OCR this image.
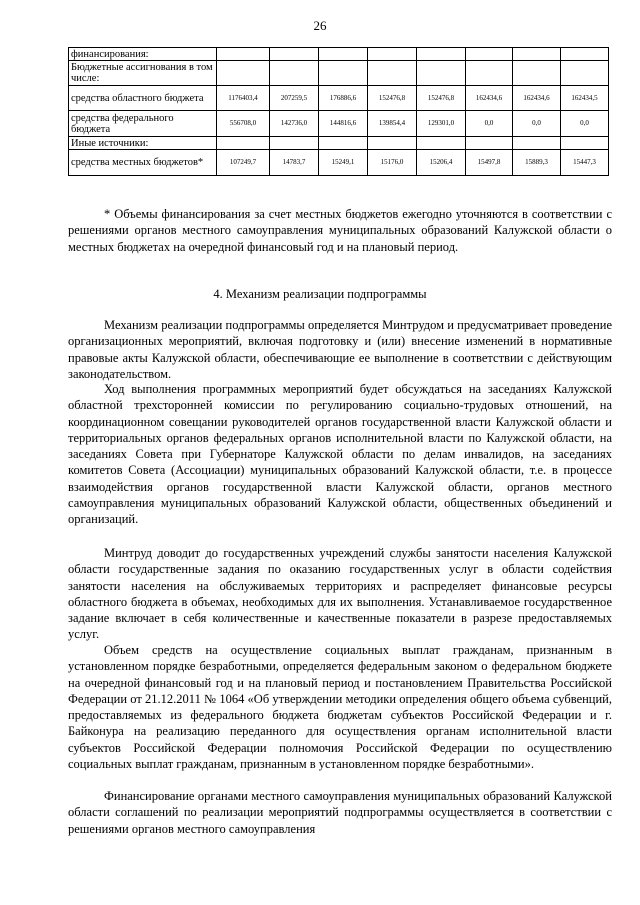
26
финансирования:								
Бюджетные ассигнования в том числе:								
средства областного бюджета	1176403,4	207259,5	176886,6	152476,8	152476,8	162434,6	162434,6	162434,5
средства федерального бюджета	556708,0	142736,0	144816,6	139854,4	129301,0	0,0	0,0	0,0
Иные источники:								
средства местных бюджетов*	107249,7	14783,7	15249,1	15176,0	15206,4	15497,8	15889,3	15447,3

* Объемы финансирования за счет местных бюджетов ежегодно уточняются в соответствии с решениями органов местного самоуправления муниципальных образований Калужской области о местных бюджетах на очередной финансовый год и на плановый период.

4. Механизм реализации подпрограммы

Механизм реализации подпрограммы определяется Минтрудом и предусматривает проведение организационных мероприятий, включая подготовку и (или) внесение изменений в нормативные правовые акты Калужской области, обеспечивающие ее выполнение в соответствии с действующим законодательством.

Ход выполнения программных мероприятий будет обсуждаться на заседаниях Калужской областной трехсторонней комиссии по регулированию социально-трудовых отношений, на координационном совещании руководителей органов государственной власти Калужской области и территориальных органов федеральных органов исполнительной власти по Калужской области, на заседаниях Совета при Губернаторе Калужской области по делам инвалидов, на заседаниях комитетов Совета (Ассоциации) муниципальных образований Калужской области, т.е. в процессе взаимодействия органов государственной власти Калужской области, органов местного самоуправления муниципальных образований Калужской области, общественных объединений и организаций.

Минтруд доводит до государственных учреждений службы занятости населения Калужской области государственные задания по оказанию государственных услуг в области содействия занятости населения на обслуживаемых территориях и распределяет финансовые ресурсы областного бюджета в объемах, необходимых для их выполнения. Устанавливаемое государственное задание включает в себя количественные и качественные показатели в разрезе предоставляемых услуг.

Объем средств на осуществление социальных выплат гражданам, признанным в установленном порядке безработными, определяется федеральным законом о федеральном бюджете на очередной финансовый год и на плановый период и постановлением Правительства Российской Федерации от 21.12.2011 № 1064 «Об утверждении методики определения общего объема субвенций, предоставляемых из федерального бюджета бюджетам субъектов Российской Федерации и г. Байконура на реализацию переданного для осуществления органам исполнительной власти субъектов Российской Федерации полномочия Российской Федерации по осуществлению социальных выплат гражданам, признанным в установленном порядке безработными».

Финансирование органами местного самоуправления муниципальных образований Калужской области соглашений по реализации мероприятий подпрограммы осуществляется в соответствии с решениями органов местного самоуправления
